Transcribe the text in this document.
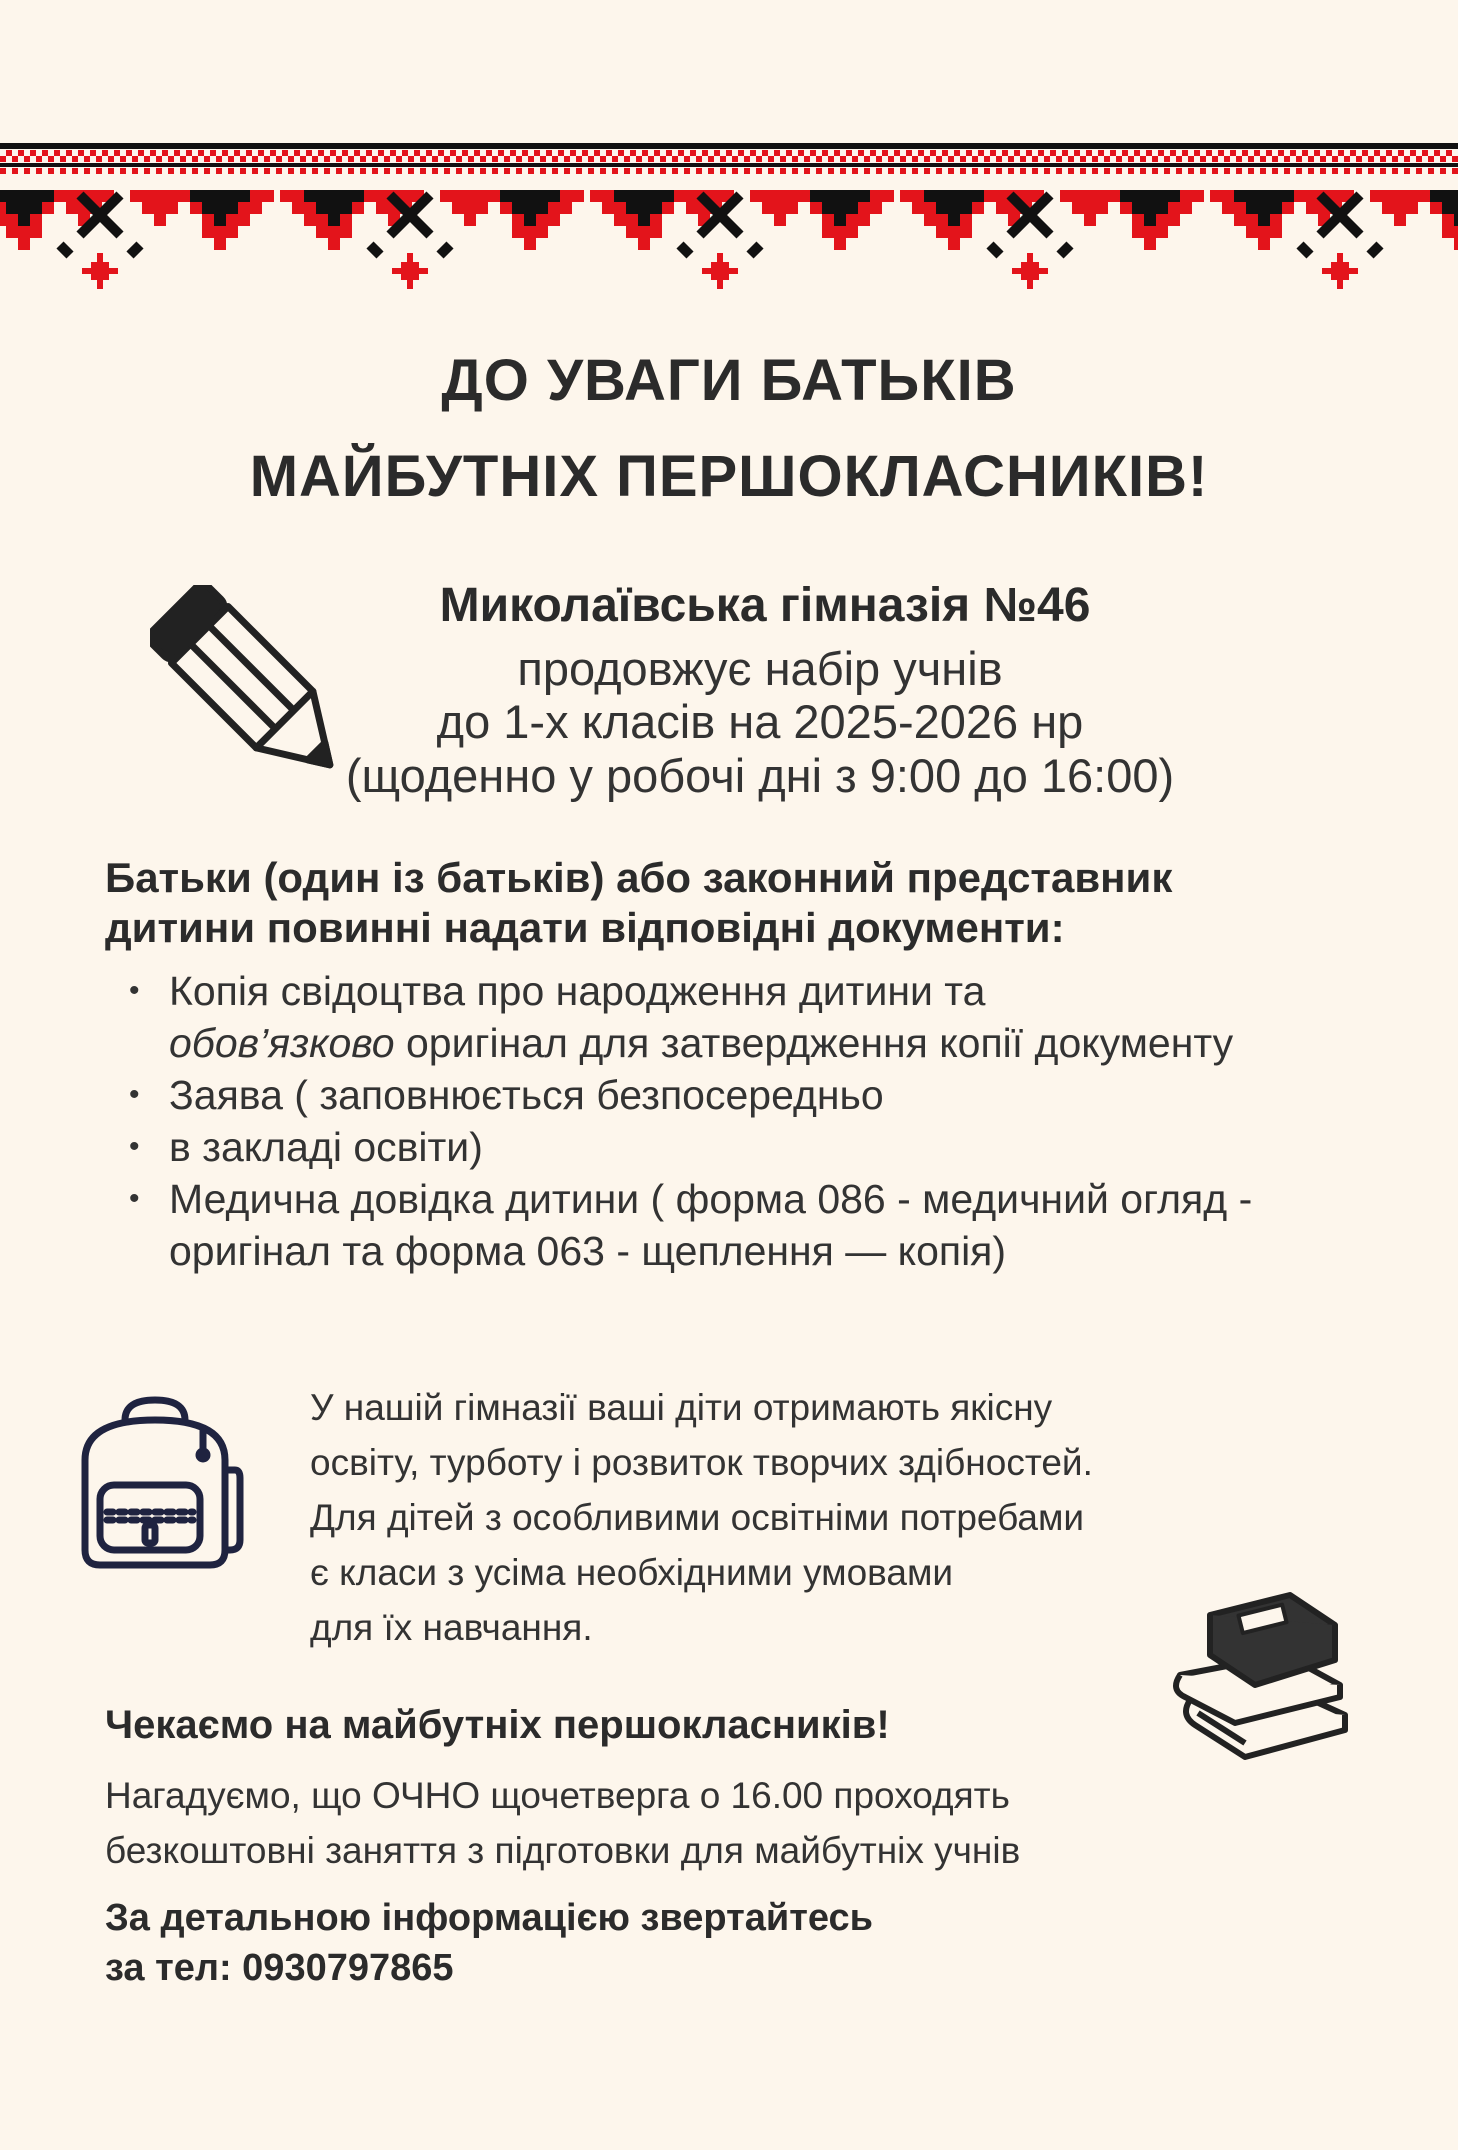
ДО УВАГИ БАТЬКІВ
МАЙБУТНІХ ПЕРШОКЛАСНИКІВ!
Миколаївська гімназія №46
продовжує набір учнів
до 1-х класів на 2025-2026 нр
(щоденно у робочі дні з 9:00 до 16:00)
Батьки (один із батьків) або законний представник
дитини повинні надати відповідні документи:
• Копія свідоцтва про народження дитини та
обов’язково оригінал для затвердження копії документу
• Заява ( заповнюється безпосередньо
• в закладі освіти)
• Медична довідка дитини ( форма 086 - медичний огляд - оригінал та форма 063 - щеплення — копія)
У нашій гімназії ваші діти отримають якісну
освіту, турботу і розвиток творчих здібностей.
Для дітей з особливими освітніми потребами
є класи з усіма необхідними умовами
для їх навчання.
Чекаємо на майбутніх першокласників!
Нагадуємо, що ОЧНО щочетверга о 16.00 проходять
безкоштовні заняття з підготовки для майбутніх учнів
За детальною інформацією звертайтесь
за тел: 0930797865
